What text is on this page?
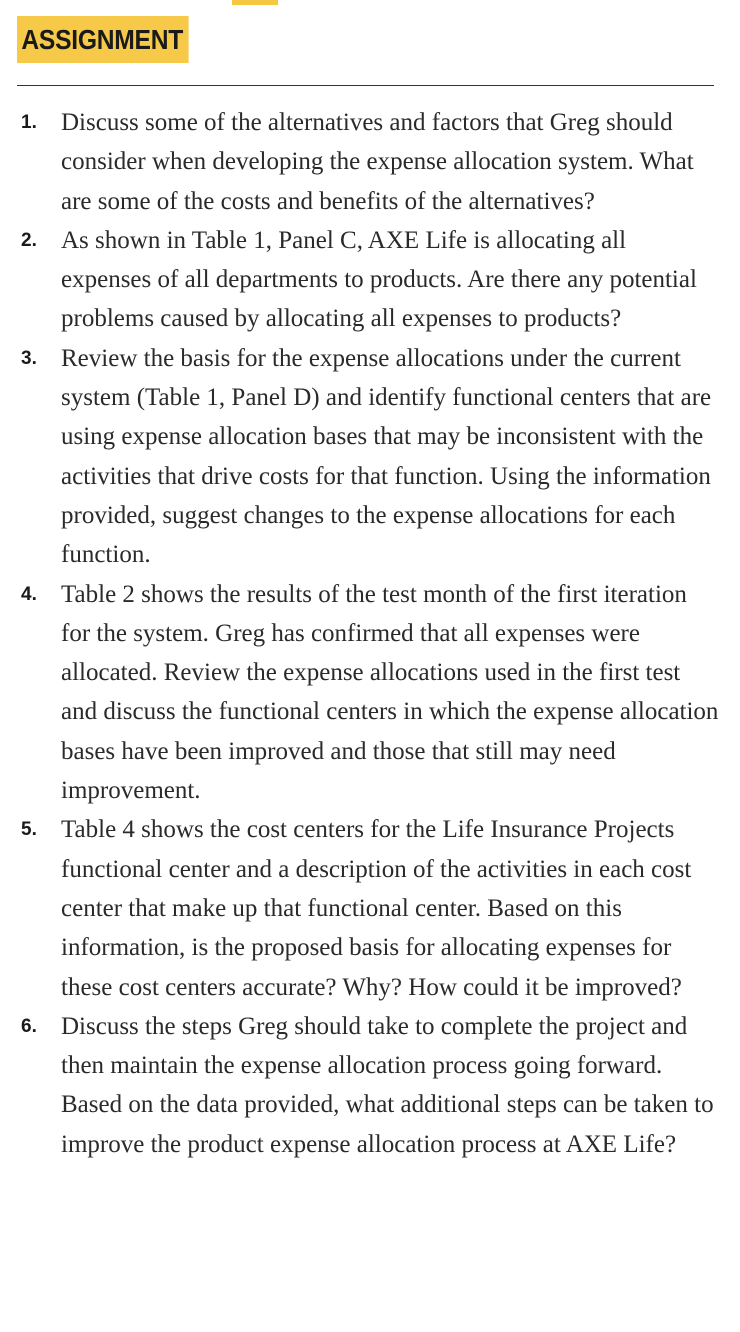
ASSIGNMENT
1. Discuss some of the alternatives and factors that Greg should consider when developing the expense allocation system. What are some of the costs and benefits of the alternatives?
2. As shown in Table 1, Panel C, AXE Life is allocating all expenses of all departments to products. Are there any potential problems caused by allocating all expenses to products?
3. Review the basis for the expense allocations under the current system (Table 1, Panel D) and identify functional centers that are using expense allocation bases that may be inconsistent with the activities that drive costs for that function. Using the information provided, suggest changes to the expense allocations for each function.
4. Table 2 shows the results of the test month of the first iteration for the system. Greg has confirmed that all expenses were allocated. Review the expense allocations used in the first test and discuss the functional centers in which the expense allocation bases have been improved and those that still may need improvement.
5. Table 4 shows the cost centers for the Life Insurance Projects functional center and a description of the activities in each cost center that make up that functional center. Based on this information, is the proposed basis for allocating expenses for these cost centers accurate? Why? How could it be improved?
6. Discuss the steps Greg should take to complete the project and then maintain the expense allocation process going forward. Based on the data provided, what additional steps can be taken to improve the product expense allocation process at AXE Life?
